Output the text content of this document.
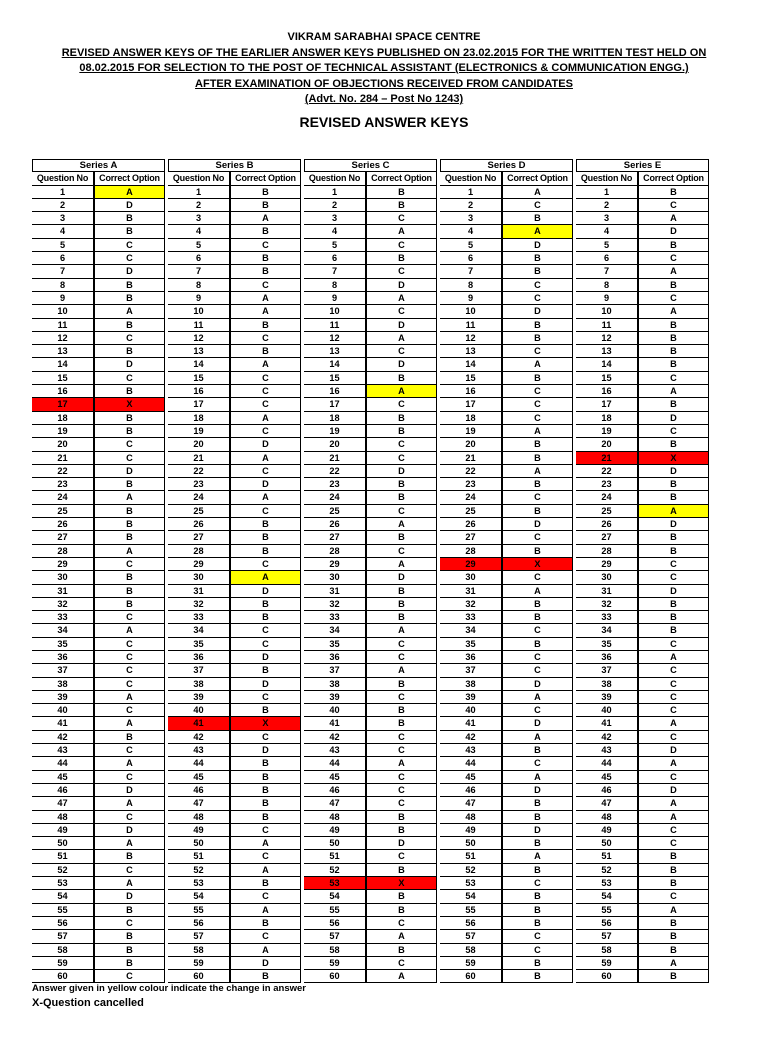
VIKRAM SARABHAI SPACE CENTRE
REVISED ANSWER KEYS OF THE EARLIER ANSWER KEYS PUBLISHED ON 23.02.2015 FOR THE WRITTEN TEST HELD ON
08.02.2015 FOR SELECTION TO THE POST OF TECHNICAL ASSISTANT (ELECTRONICS & COMMUNICATION ENGG.)
AFTER EXAMINATION OF OBJECTIONS RECEIVED FROM CANDIDATES
(Advt. No. 284 – Post No 1243)
REVISED ANSWER KEYS
Series A
Question No	Correct Option
1	A
2	D
3	B
4	B
5	C
6	C
7	D
8	B
9	B
10	A
11	B
12	C
13	B
14	D
15	C
16	B
17	X
18	B
19	B
20	C
21	C
22	D
23	B
24	A
25	B
26	B
27	B
28	A
29	C
30	B
31	B
32	B
33	C
34	A
35	C
36	C
37	C
38	C
39	A
40	C
41	A
42	B
43	C
44	A
45	C
46	D
47	A
48	C
49	D
50	A
51	B
52	C
53	A
54	D
55	B
56	C
57	B
58	B
59	B
60	C
Series B
Question No	Correct Option
1	B
2	B
3	A
4	B
5	C
6	B
7	B
8	C
9	A
10	A
11	B
12	C
13	B
14	A
15	C
16	C
17	C
18	A
19	C
20	D
21	A
22	C
23	D
24	A
25	C
26	B
27	B
28	B
29	C
30	A
31	D
32	B
33	B
34	C
35	C
36	D
37	B
38	D
39	C
40	B
41	X
42	C
43	D
44	B
45	B
46	B
47	B
48	B
49	C
50	A
51	C
52	A
53	B
54	C
55	A
56	B
57	C
58	A
59	D
60	B
Series C
Question No	Correct Option
1	B
2	B
3	C
4	A
5	C
6	B
7	C
8	D
9	A
10	C
11	D
12	A
13	C
14	D
15	B
16	A
17	C
18	B
19	B
20	C
21	C
22	D
23	B
24	B
25	C
26	A
27	B
28	C
29	A
30	D
31	B
32	B
33	B
34	A
35	C
36	C
37	A
38	B
39	C
40	B
41	B
42	C
43	C
44	A
45	C
46	C
47	C
48	B
49	B
50	D
51	C
52	B
53	X
54	B
55	B
56	C
57	A
58	B
59	C
60	A
Series D
Question No	Correct Option
1	A
2	C
3	B
4	A
5	D
6	B
7	B
8	C
9	C
10	D
11	B
12	B
13	C
14	A
15	B
16	C
17	C
18	C
19	A
20	B
21	B
22	A
23	B
24	C
25	B
26	D
27	C
28	B
29	X
30	C
31	A
32	B
33	B
34	C
35	B
36	C
37	C
38	D
39	A
40	C
41	D
42	A
43	B
44	C
45	A
46	D
47	B
48	B
49	D
50	B
51	A
52	B
53	C
54	B
55	B
56	B
57	C
58	C
59	B
60	B
Series E
Question No	Correct Option
1	B
2	C
3	A
4	D
5	B
6	C
7	A
8	B
9	C
10	A
11	B
12	B
13	B
14	B
15	C
16	A
17	B
18	D
19	C
20	B
21	X
22	D
23	B
24	B
25	A
26	D
27	B
28	B
29	C
30	C
31	D
32	B
33	B
34	B
35	C
36	A
37	C
38	C
39	C
40	C
41	A
42	C
43	D
44	A
45	C
46	D
47	A
48	A
49	C
50	C
51	B
52	B
53	B
54	C
55	A
56	B
57	B
58	B
59	A
60	B
Answer given in yellow colour indicate the change in answer
X-Question cancelled
